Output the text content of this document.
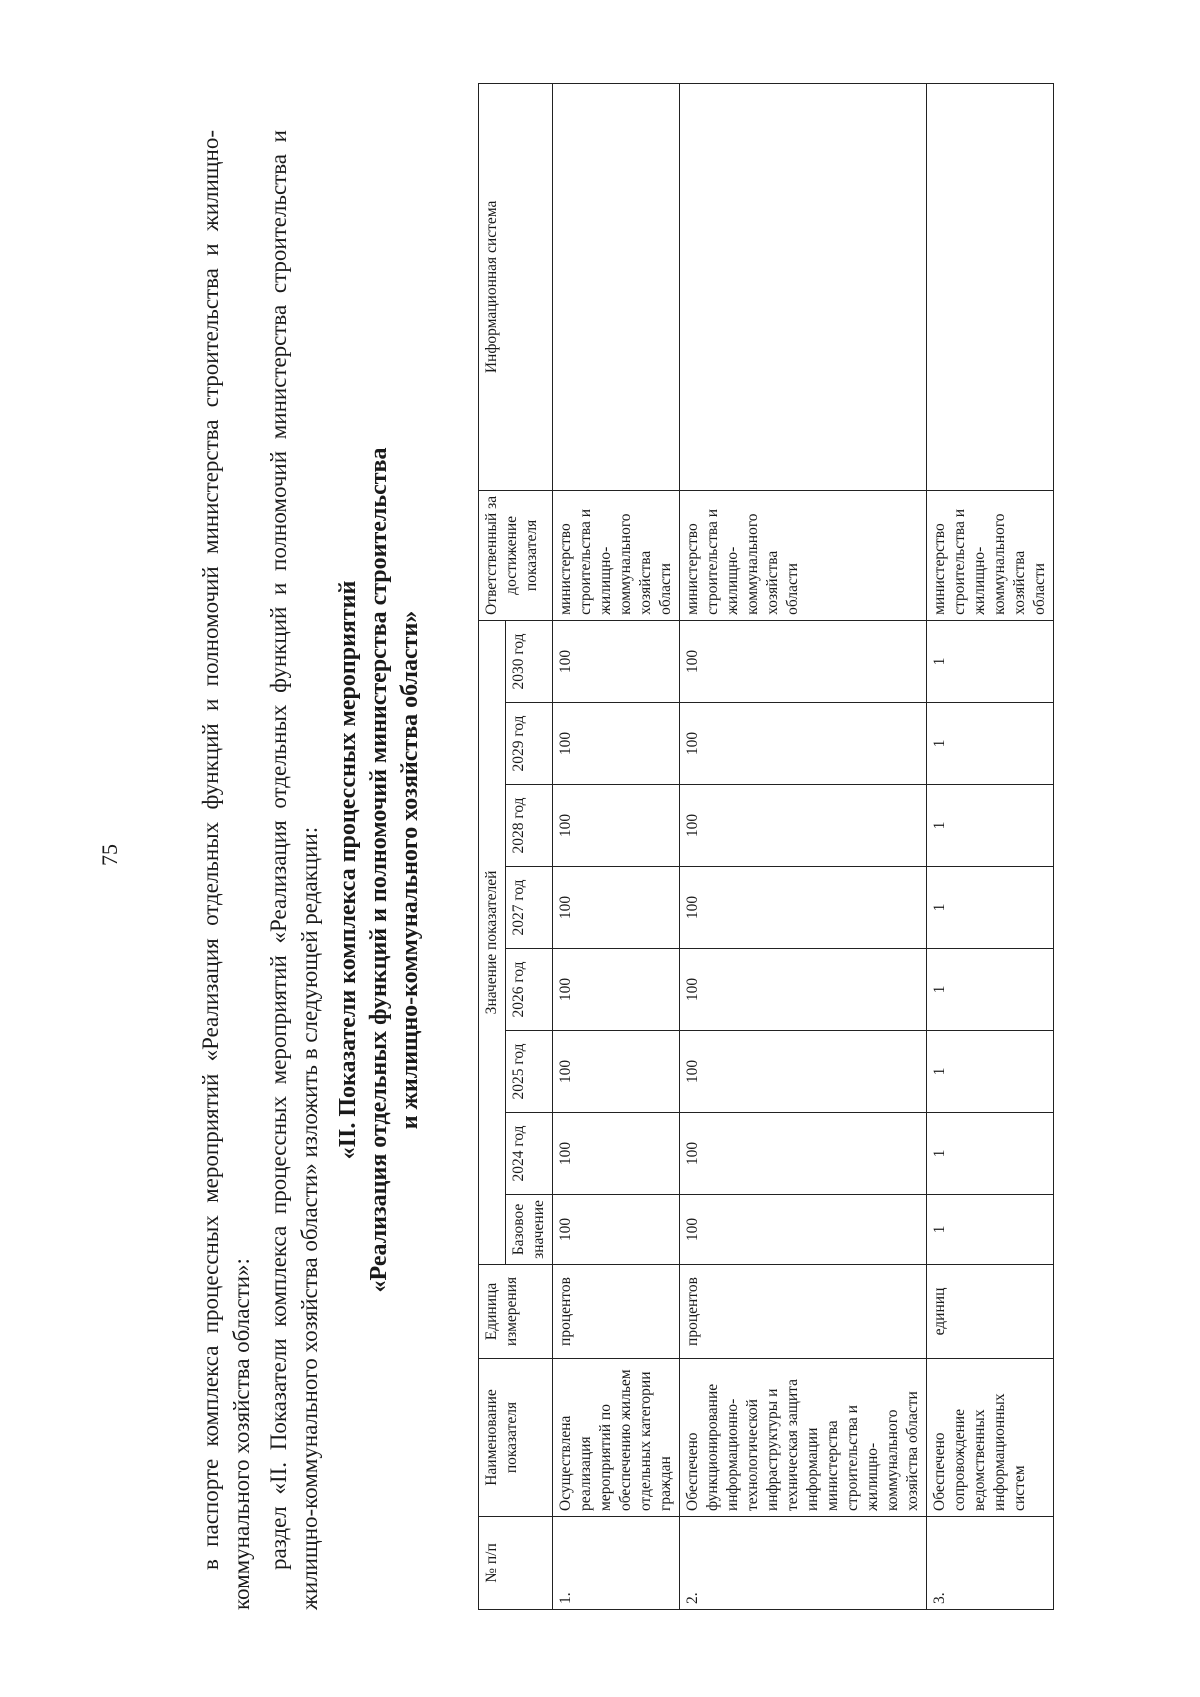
75	в паспорте комплекса процессных мероприятий «Реализация отдельных функций и полномочий министерства строительства и жилищно-коммунального хозяйства области»: раздел «II. Показатели комплекса процессных мероприятий «Реализация отдельных функций и полномочий министерства строительства и жилищно-коммунального хозяйства области» изложить в следующей редакции: «II. Показатели комплекса процессных мероприятий «Реализация отдельных функций и полномочий министерства строительства и жилищно-коммунального хозяйства области»
№ п/п	Наименование показателя	Единица измерения	Значение показателей								Ответственный за достижение показателя	Информационная система
			Базовое значение	2024 год	2025 год	2026 год	2027 год	2028 год	2029 год	2030 год		
1.	Осуществлена реализация мероприятий по обеспечению жильем отдельных категории граждан	процентов	100	100	100	100	100	100	100	100	министерство строительства и жилищно-коммунального хозяйства области	
2.	Обеспечено функционирование информационно-технологической инфраструктуры и техническая защита информации министерства строительства и жилищно-коммунального хозяйства области	процентов	100	100	100	100	100	100	100	100	министерство строительства и жилищно-коммунального хозяйства области	
3.	Обеспечено сопровождение ведомственных информационных систем	единиц	1	1	1	1	1	1	1	1	министерство строительства и жилищно-коммунального хозяйства области	
